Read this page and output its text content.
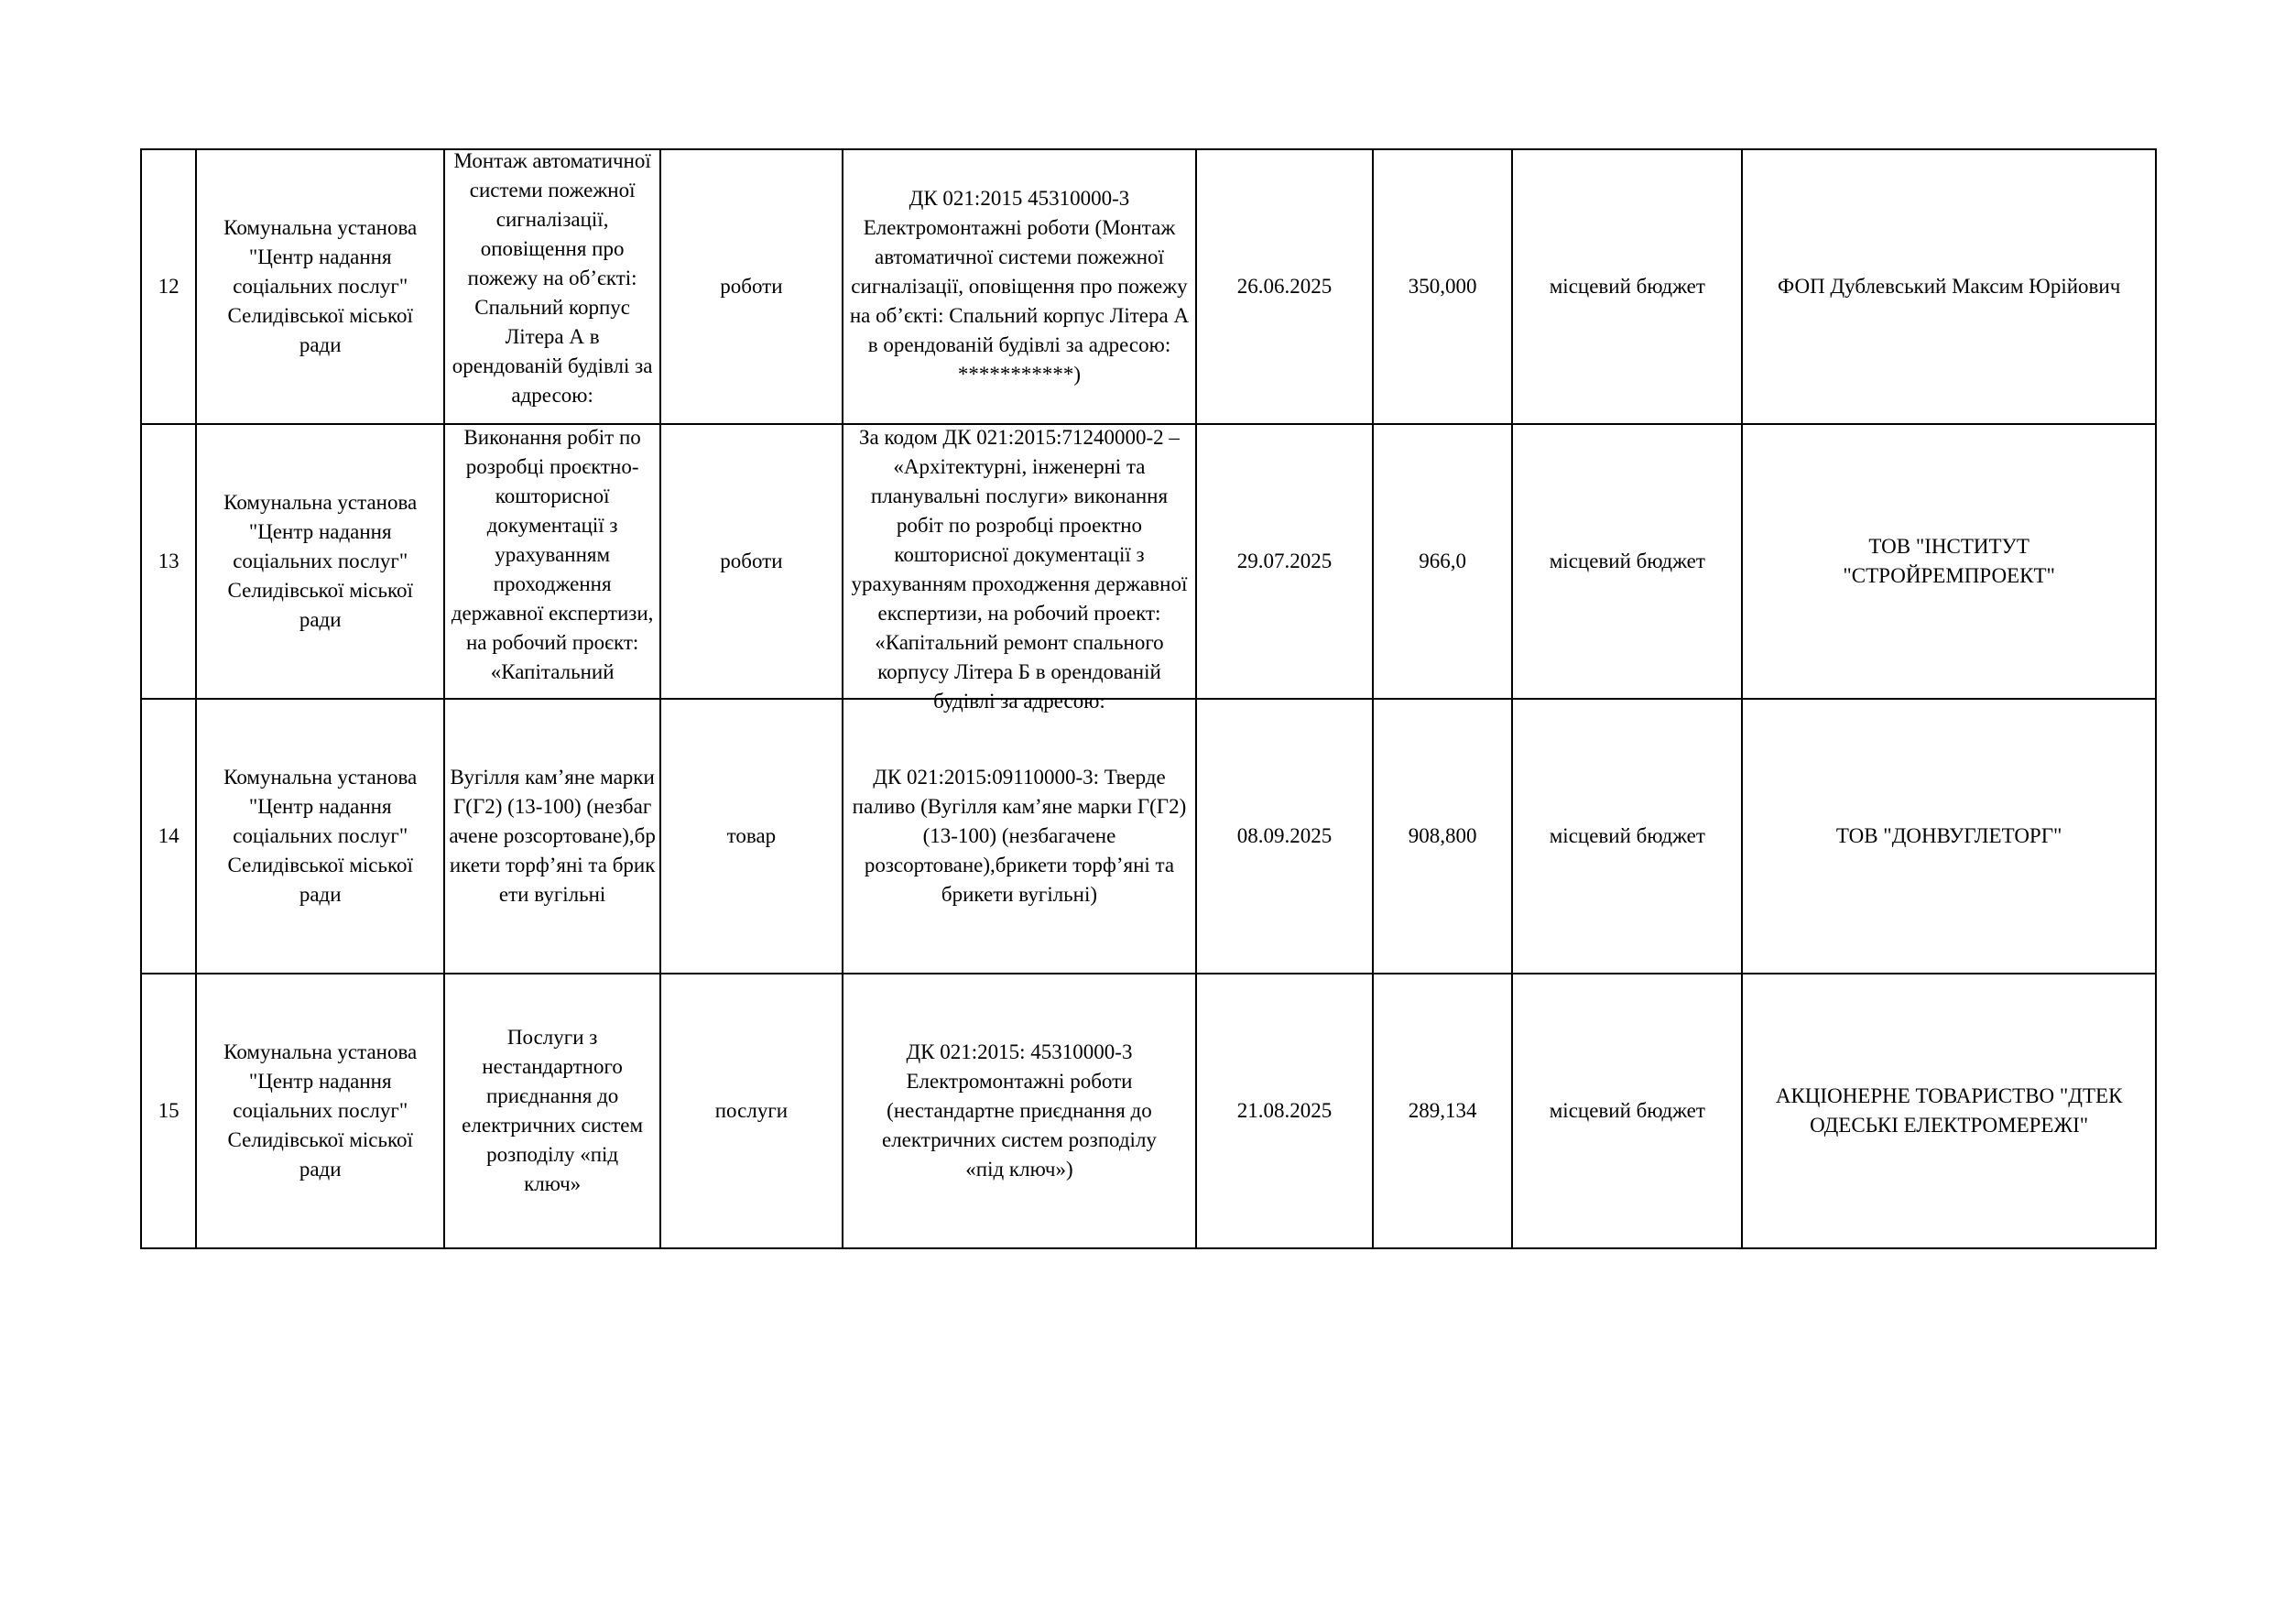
12	Комунальна установа "Центр надання соціальних послуг" Селидівської міської ради	Монтаж автоматичної системи пожежної сигналізації, оповіщення про пожежу на об’єкті: Спальний корпус Літера А в орендованій будівлі за адресою:	роботи	ДК 021:2015 45310000-3 Електромонтажні роботи (Монтаж автоматичної системи пожежної сигналізації, оповіщення про пожежу на об’єкті: Спальний корпус Літера А в орендованій будівлі за адресою: ***********)	26.06.2025	350,000	місцевий бюджет	ФОП Дублевський Максим Юрійович
13	Комунальна установа "Центр надання соціальних послуг" Селидівської міської ради	Виконання робіт по розробці проєктно-кошторисної документації з урахуванням проходження державної експертизи, на робочий проєкт: «Капітальний	роботи	За кодом ДК 021:2015:71240000-2 – «Архітектурні, інженерні та планувальні послуги» виконання робіт по розробці проектно кошторисної документації з урахуванням проходження державної експертизи, на робочий проект: «Капітальний ремонт спального корпусу Літера Б в орендованій будівлі за адресою:	29.07.2025	966,0	місцевий бюджет	ТОВ "ІНСТИТУТ "СТРОЙРЕМПРОЕКТ"

14	Комунальна установа "Центр надання соціальних послуг" Селидівської міської ради	Вугілля кам’яне марки Г(Г2) (13-100) (незбагачене розсортоване),брикети торф’яні та брикети вугільні	товар	ДК 021:2015:09110000-3: Тверде паливо (Вугілля кам’яне марки Г(Г2) (13-100) (незбагачене розсортоване),брикети торф’яні та брикети вугільні)	08.09.2025	908,800	місцевий бюджет	ТОВ "ДОНВУГЛЕТОРГ"
15	Комунальна установа "Центр надання соціальних послуг" Селидівської міської ради	Послуги з нестандартного приєднання до електричних систем розподілу «під ключ»	послуги	ДК 021:2015: 45310000-3 Електромонтажні роботи (нестандартне приєднання до електричних систем розподілу «під ключ»)	21.08.2025	289,134	місцевий бюджет	АКЦІОНЕРНЕ ТОВАРИСТВО "ДТЕК ОДЕСЬКІ ЕЛЕКТРОМЕРЕЖІ"
